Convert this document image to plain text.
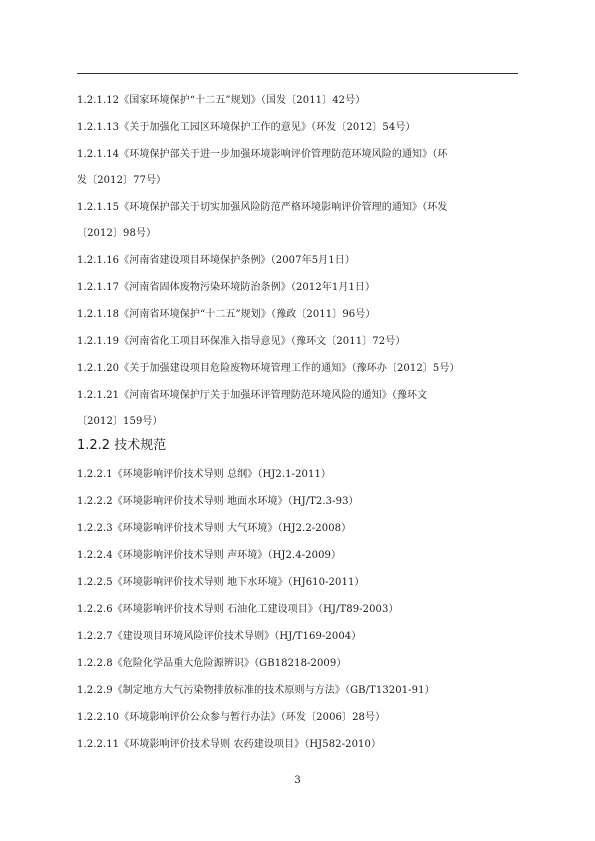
1.2.1.12《国家环境保护“十二五”规划》（国发〔2011〕42号）
1.2.1.13《关于加强化工园区环境保护工作的意见》（环发〔2012〕54号）
1.2.1.14《环境保护部关于进一步加强环境影响评价管理防范环境风险的通知》（环
发〔2012〕77号）
1.2.1.15《环境保护部关于切实加强风险防范严格环境影响评价管理的通知》（环发
〔2012〕98号）
1.2.1.16《河南省建设项目环境保护条例》（2007年5月1日）
1.2.1.17《河南省固体废物污染环境防治条例》（2012年1月1日）
1.2.1.18《河南省环境保护“十二五”规划》（豫政〔2011〕96号）
1.2.1.19《河南省化工项目环保准入指导意见》（豫环文〔2011〕72号）
1.2.1.20《关于加强建设项目危险废物环境管理工作的通知》（豫环办〔2012〕5号）
1.2.1.21《河南省环境保护厅关于加强环评管理防范环境风险的通知》（豫环文
〔2012〕159号）
1.2.2 技术规范
1.2.2.1《环境影响评价技术导则 总纲》（HJ2.1-2011）
1.2.2.2《环境影响评价技术导则 地面水环境》（HJ/T2.3-93）
1.2.2.3《环境影响评价技术导则 大气环境》（HJ2.2-2008）
1.2.2.4《环境影响评价技术导则 声环境》（HJ2.4-2009）
1.2.2.5《环境影响评价技术导则 地下水环境》（HJ610-2011）
1.2.2.6《环境影响评价技术导则 石油化工建设项目》（HJ/T89-2003）
1.2.2.7《建设项目环境风险评价技术导则》（HJ/T169-2004）
1.2.2.8《危险化学品重大危险源辨识》（GB18218-2009）
1.2.2.9《制定地方大气污染物排放标准的技术原则与方法》（GB/T13201-91）
1.2.2.10《环境影响评价公众参与暂行办法》（环发〔2006〕28号）
1.2.2.11《环境影响评价技术导则 农药建设项目》（HJ582-2010）
3
